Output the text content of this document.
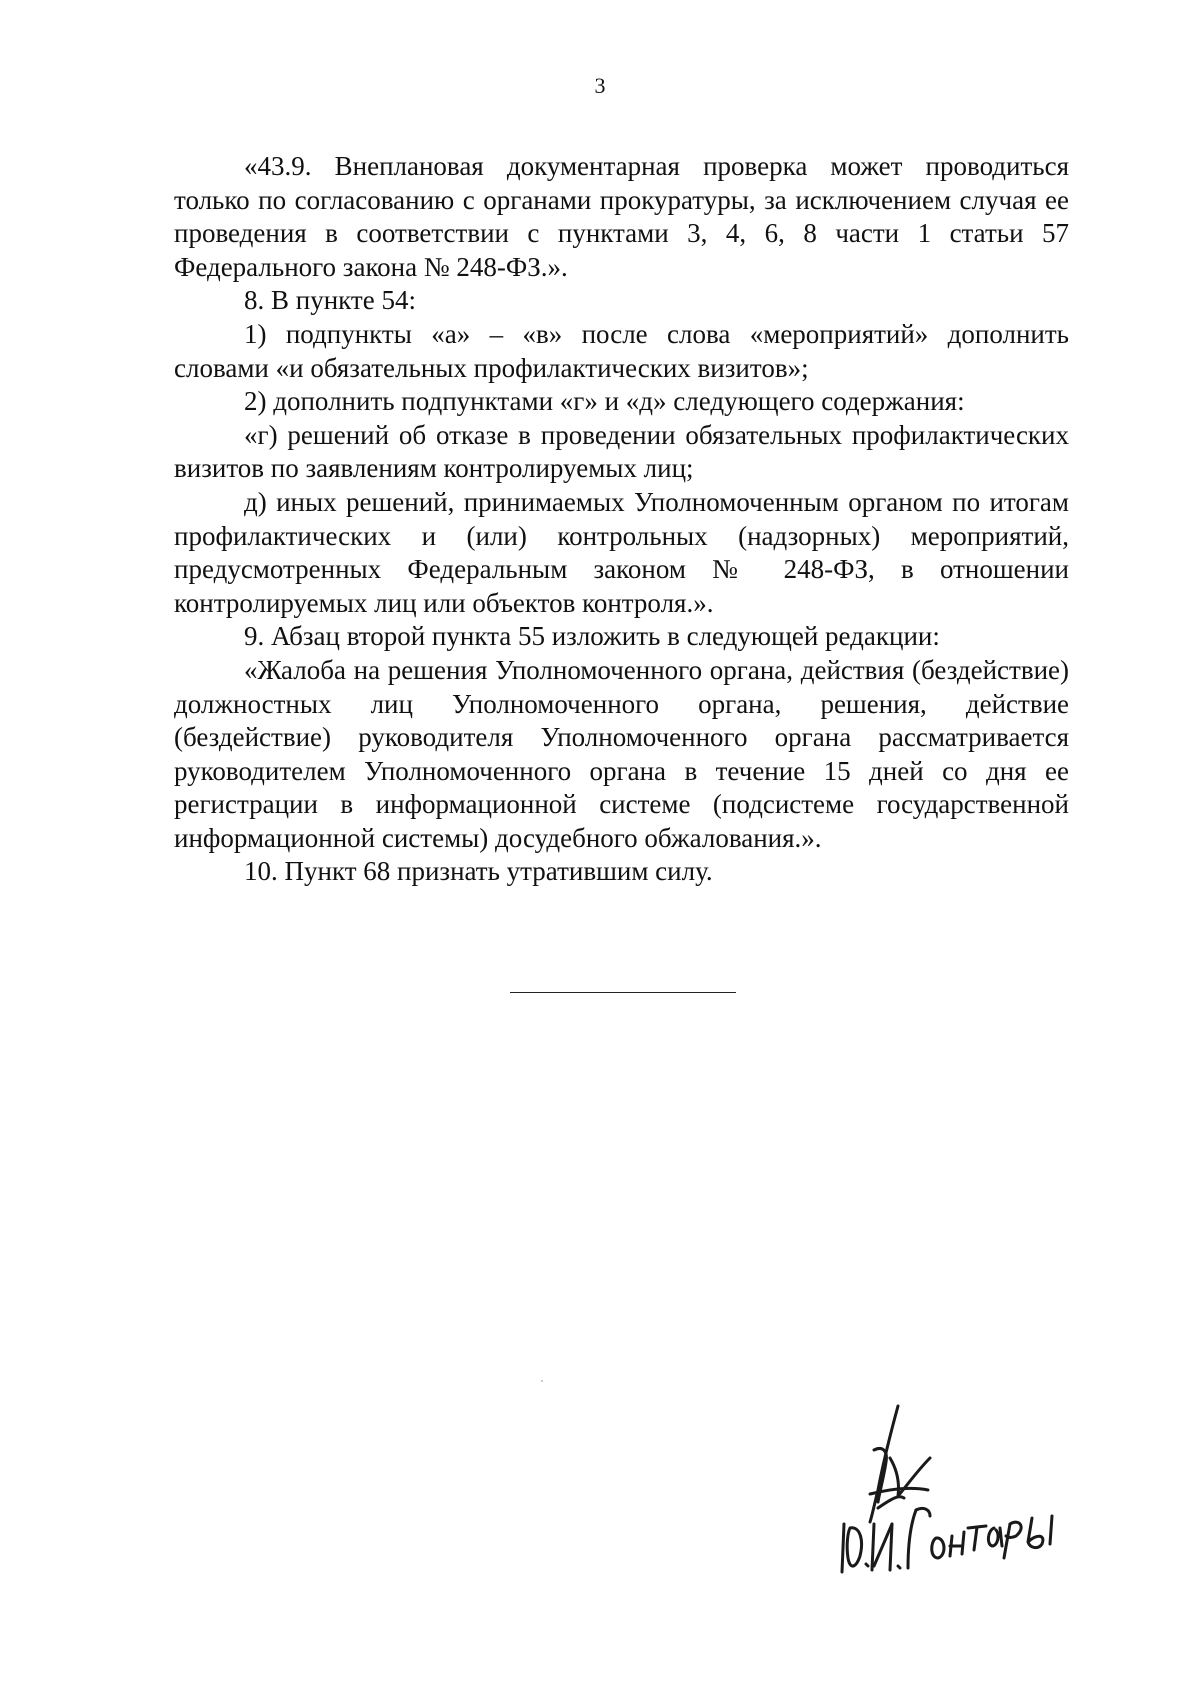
3

«43.9. Внеплановая документарная проверка может проводиться только по согласованию с органами прокуратуры, за исключением случая ее проведения в соответствии с пунктами 3, 4, 6, 8 части 1 статьи 57 Федерального закона № 248-ФЗ.».

8. В пункте 54:

1) подпункты «а» – «в» после слова «мероприятий» дополнить словами «и обязательных профилактических визитов»;

2) дополнить подпунктами «г» и «д» следующего содержания:

«г) решений об отказе в проведении обязательных профилактических визитов по заявлениям контролируемых лиц;

д) иных решений, принимаемых Уполномоченным органом по итогам профилактических и (или) контрольных (надзорных) мероприятий, предусмотренных Федеральным законом № 248-ФЗ, в отношении контролируемых лиц или объектов контроля.».

9. Абзац второй пункта 55 изложить в следующей редакции:

«Жалоба на решения Уполномоченного органа, действия (бездействие) должностных лиц Уполномоченного органа, решения, действие (бездействие) руководителя Уполномоченного органа рассматривается руководителем Уполномоченного органа в течение 15 дней со дня ее регистрации в информационной системе (подсистеме государственной информационной системы) досудебного обжалования.».

10. Пункт 68 признать утратившим силу.
